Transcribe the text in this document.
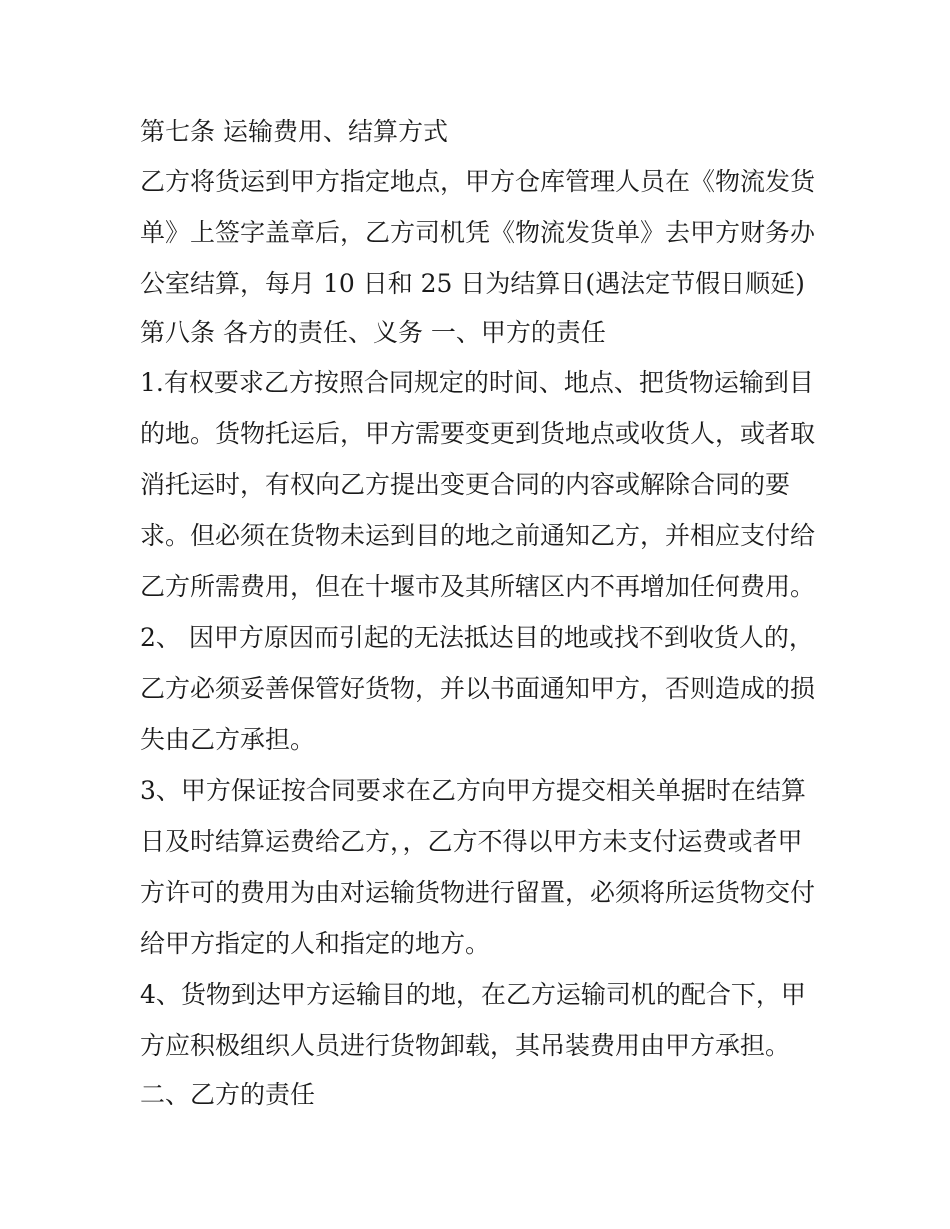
第七条 运输费用、结算方式
乙方将货运到甲方指定地点，甲方仓库管理人员在《物流发货
单》上签字盖章后，乙方司机凭《物流发货单》去甲方财务办
公室结算，每月 10 日和 25 日为结算日(遇法定节假日顺延)
第八条 各方的责任、义务 一、甲方的责任
1.有权要求乙方按照合同规定的时间、地点、把货物运输到目
的地。货物托运后，甲方需要变更到货地点或收货人，或者取
消托运时，有权向乙方提出变更合同的内容或解除合同的要
求。但必须在货物未运到目的地之前通知乙方，并相应支付给
乙方所需费用，但在十堰市及其所辖区内不再增加任何费用。
2、 因甲方原因而引起的无法抵达目的地或找不到收货人的，
乙方必须妥善保管好货物，并以书面通知甲方，否则造成的损
失由乙方承担。
3、甲方保证按合同要求在乙方向甲方提交相关单据时在结算
日及时结算运费给乙方，，乙方不得以甲方未支付运费或者甲
方许可的费用为由对运输货物进行留置，必须将所运货物交付
给甲方指定的人和指定的地方。
4、货物到达甲方运输目的地，在乙方运输司机的配合下，甲
方应积极组织人员进行货物卸载，其吊装费用由甲方承担。
二、乙方的责任
